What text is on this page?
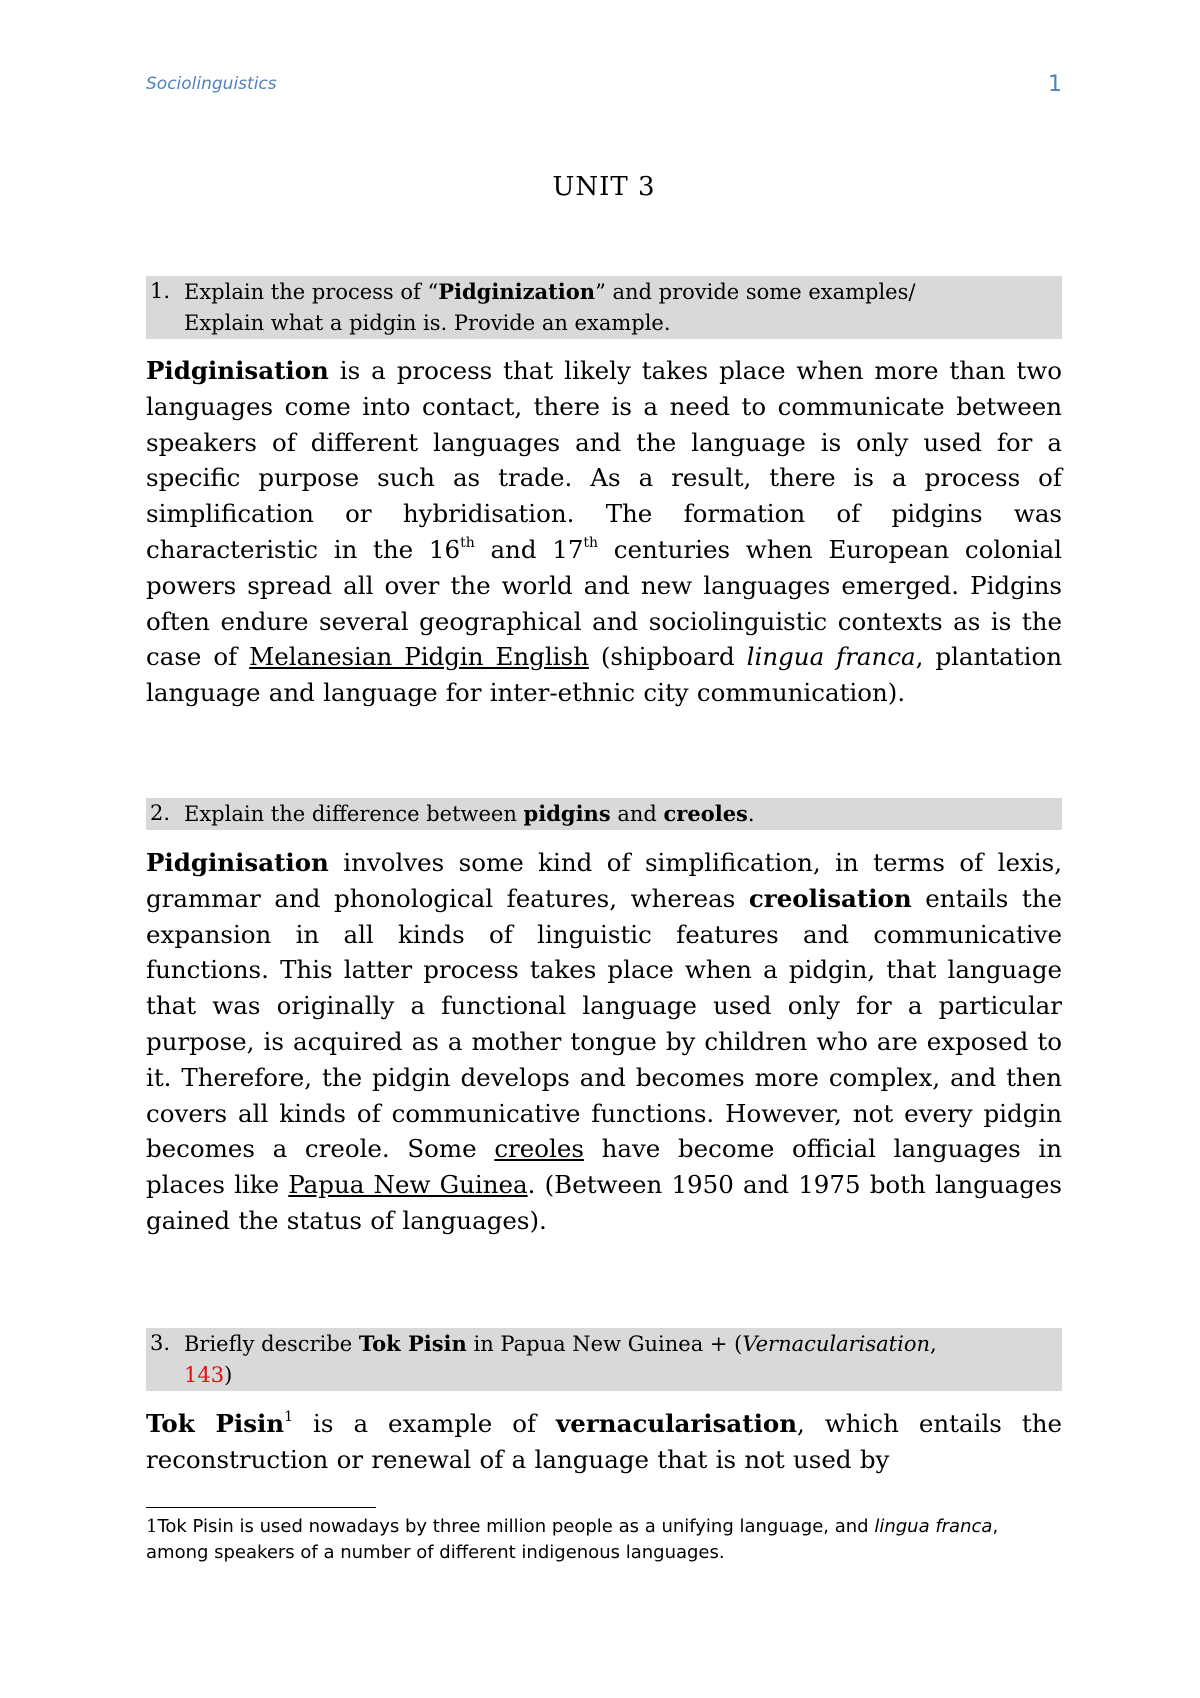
Sociolinguistics	1
UNIT 3
1. Explain the process of “Pidginization” and provide some examples/
Explain what a pidgin is. Provide an example.

Pidginisation is a process that likely takes place when more than two languages come into contact, there is a need to communicate between speakers of different languages and the language is only used for a specific purpose such as trade. As a result, there is a process of simplification or hybridisation. The formation of pidgins was characteristic in the 16th and 17th centuries when European colonial powers spread all over the world and new languages emerged. Pidgins often endure several geographical and sociolinguistic contexts as is the case of Melanesian Pidgin English (shipboard lingua franca, plantation language and language for inter-ethnic city communication).

2. Explain the difference between pidgins and creoles.

Pidginisation involves some kind of simplification, in terms of lexis, grammar and phonological features, whereas creolisation entails the expansion in all kinds of linguistic features and communicative functions. This latter process takes place when a pidgin, that language that was originally a functional language used only for a particular purpose, is acquired as a mother tongue by children who are exposed to it. Therefore, the pidgin develops and becomes more complex, and then covers all kinds of communicative functions. However, not every pidgin becomes a creole. Some creoles have become official languages in places like Papua New Guinea. (Between 1950 and 1975 both languages gained the status of languages).

3. Briefly describe Tok Pisin in Papua New Guinea + (Vernacularisation,
143)

Tok Pisin$^1$ is a example of vernacularisation, which entails the reconstruction or renewal of a language that is not used by

1Tok Pisin is used nowadays by three million people as a unifying language, and lingua franca, among speakers of a number of different indigenous languages.
